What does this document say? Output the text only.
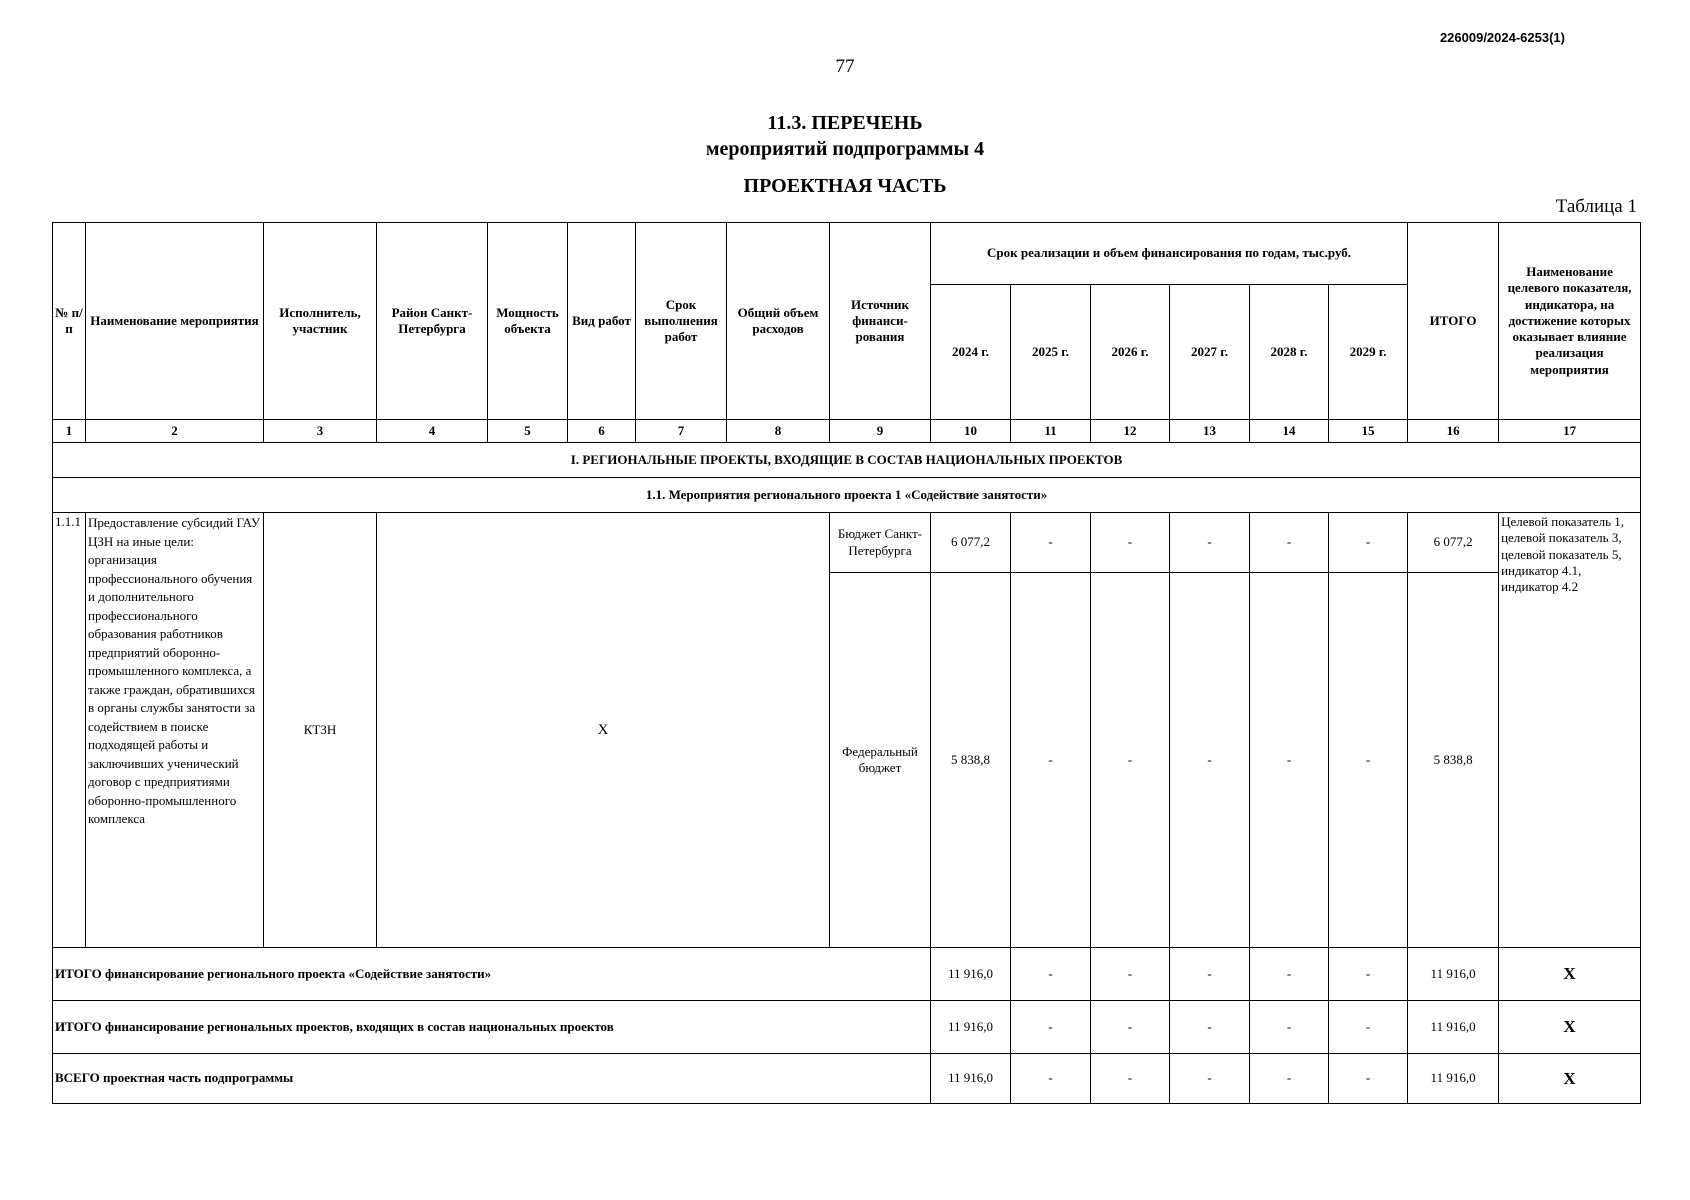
226009/2024-6253(1)
77
11.3. ПЕРЕЧЕНЬ
мероприятий подпрограммы 4
ПРОЕКТНАЯ ЧАСТЬ
Таблица 1
№ п/п	Наименование мероприятия	Исполнитель, участник	Район Санкт-Петербурга	Мощность объекта	Вид работ	Срок выполнения работ	Общий объем расходов	Источник финанси-рования	Срок реализации и объем финансирования по годам, тыс.руб.						ИТОГО	Наименование целевого показателя, индикатора, на достижение которых оказывает влияние реализация мероприятия
									2024 г.	2025 г.	2026 г.	2027 г.	2028 г.	2029 г.		
1	2	3	4	5	6	7	8	9	10	11	12	13	14	15	16	17
I. РЕГИОНАЛЬНЫЕ ПРОЕКТЫ, ВХОДЯЩИЕ В СОСТАВ НАЦИОНАЛЬНЫХ ПРОЕКТОВ																
1.1. Мероприятия регионального проекта 1 «Содействие занятости»																
1.1.1	Предоставление субсидий ГАУ ЦЗН на иные цели: организация профессионального обучения и дополнительного профессионального образования работников предприятий оборонно-промышленного комплекса, а также граждан, обратившихся в органы службы занятости за содействием в поиске подходящей работы и заключивших ученический договор с предприятиями оборонно-промышленного комплекса	КТЗН	Х					Бюджет Санкт-Петербурга	6 077,2	-	-	-	-	-	6 077,2	Целевой показатель 1, целевой показатель 3, целевой показатель 5, индикатор 4.1, индикатор 4.2
								Федеральный бюджет	5 838,8	-	-	-	-	-	5 838,8	
ИТОГО финансирование регионального проекта «Содействие занятости»									11 916,0	-	-	-	-	-	11 916,0	Х
ИТОГО финансирование региональных проектов, входящих в состав национальных проектов									11 916,0	-	-	-	-	-	11 916,0	Х
ВСЕГО проектная часть подпрограммы									11 916,0	-	-	-	-	-	11 916,0	Х
